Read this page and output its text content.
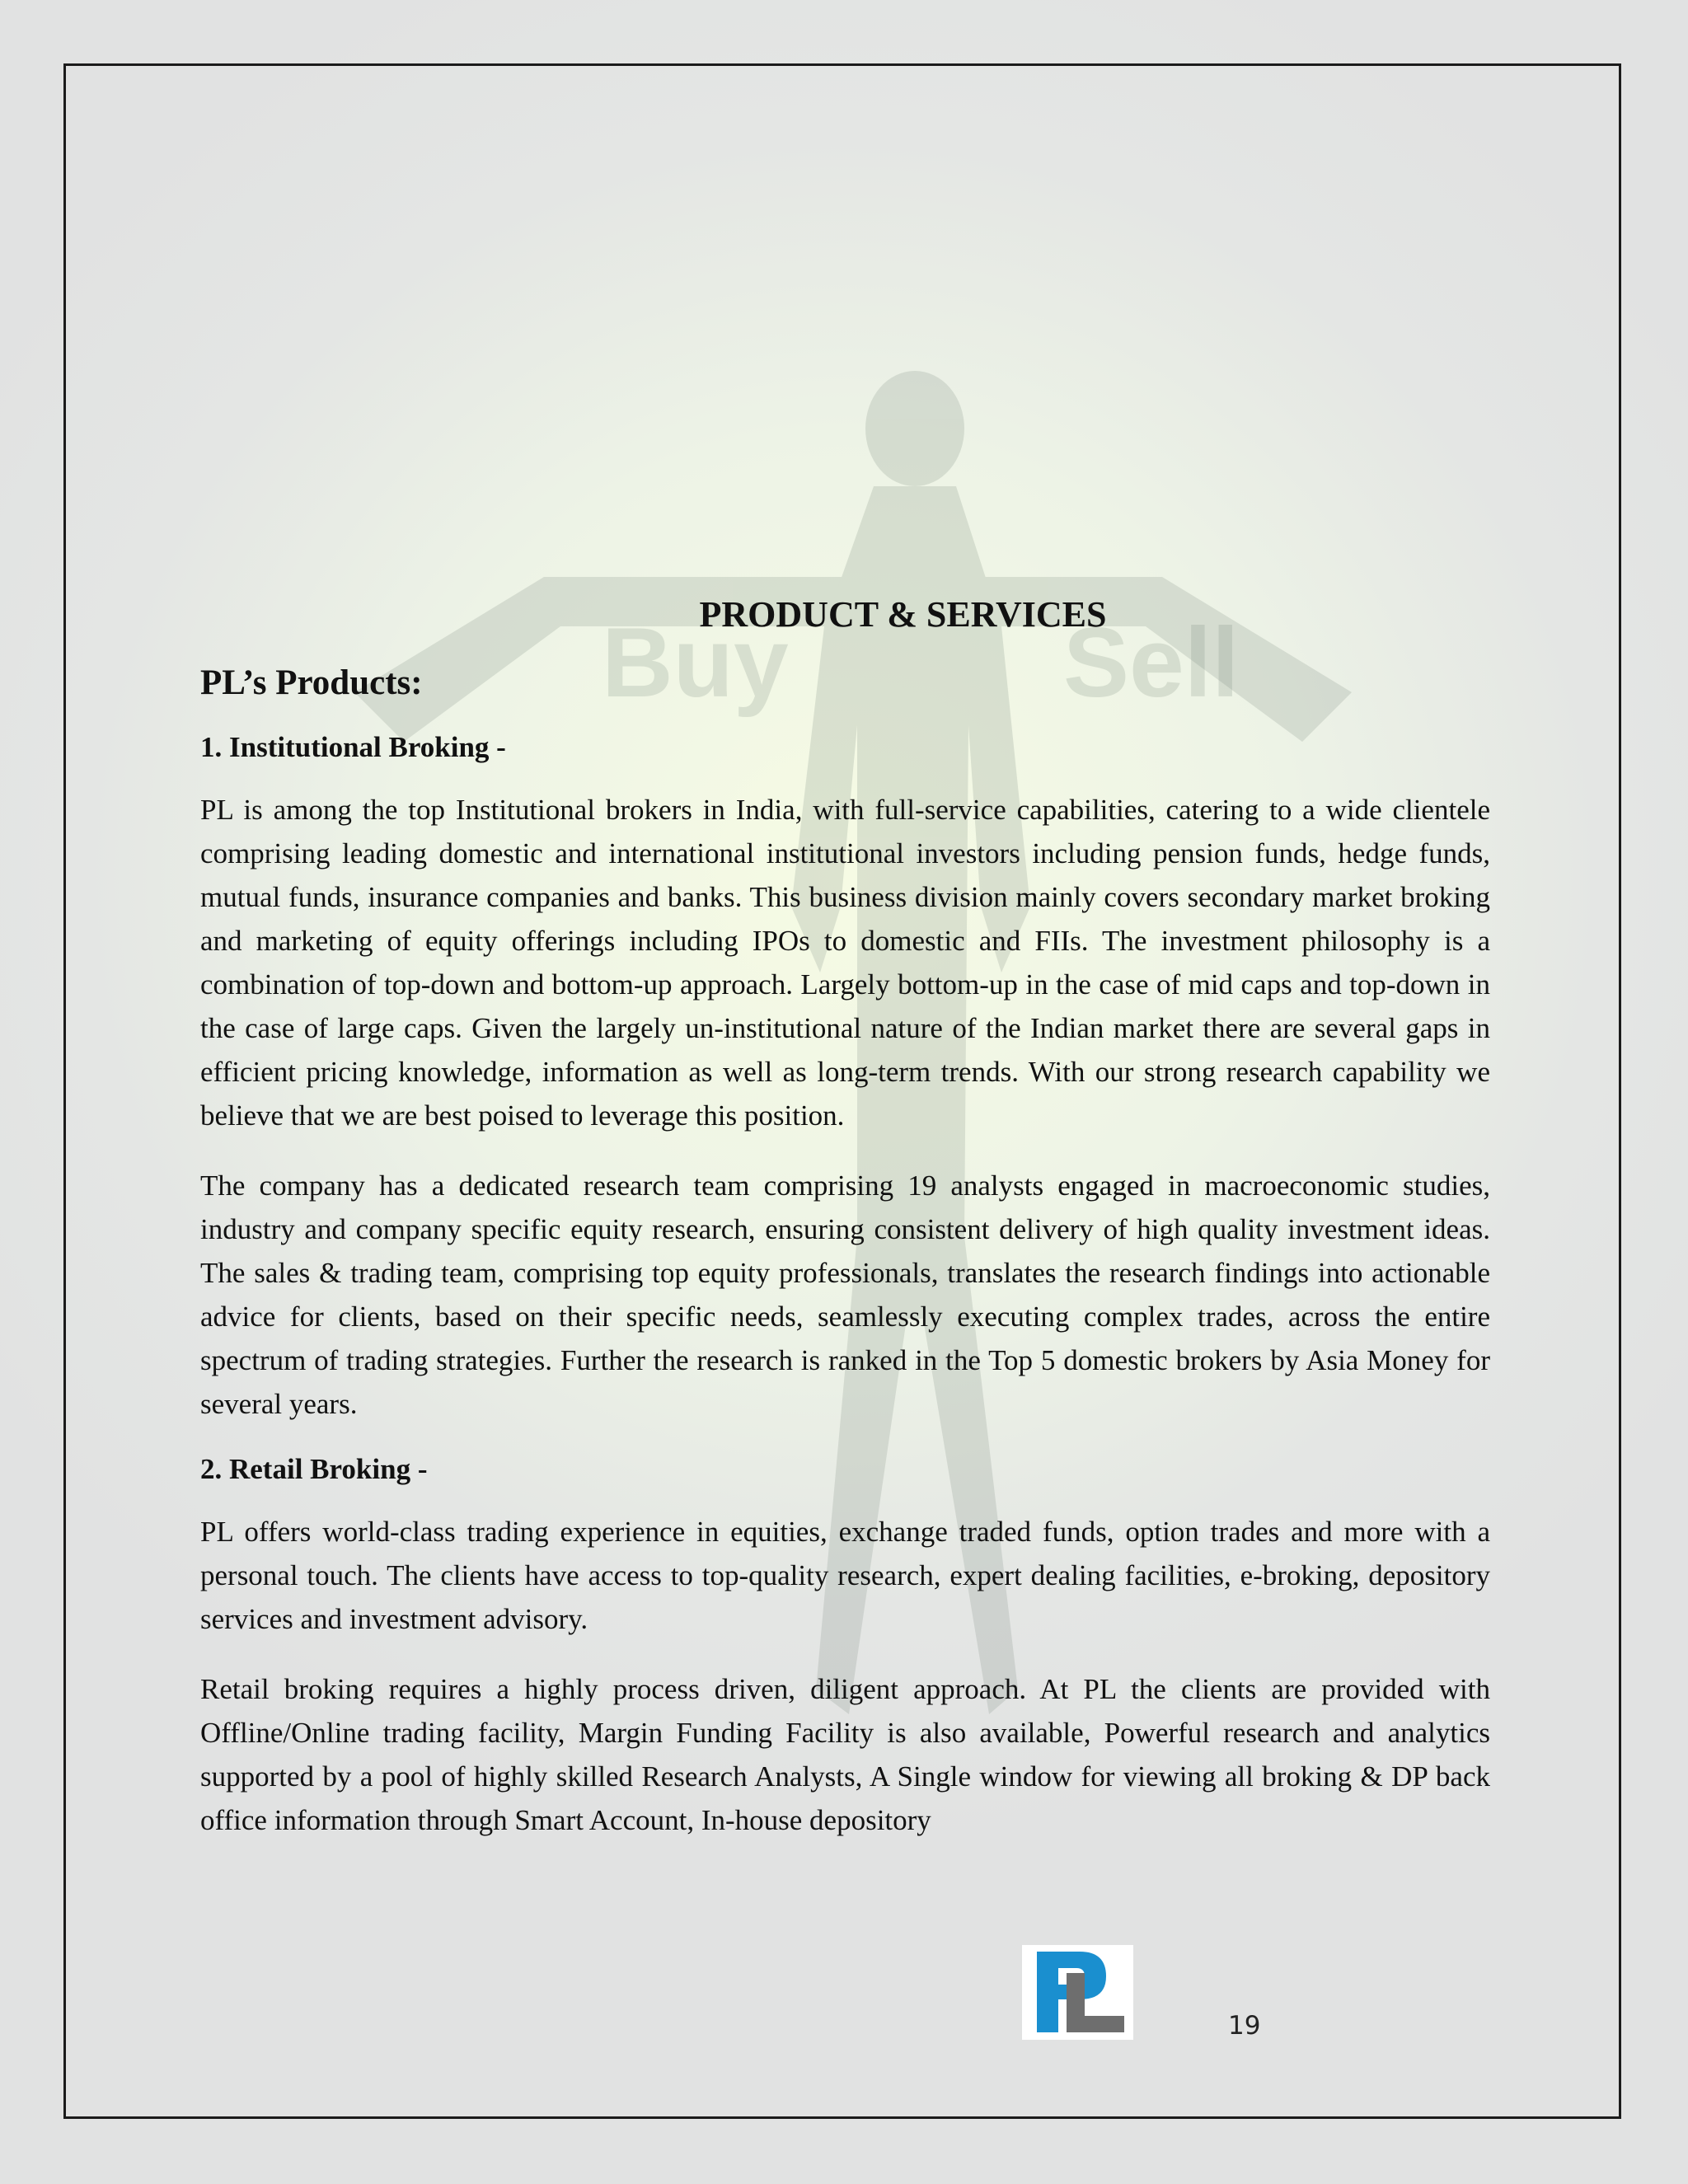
Buy	Sell
PRODUCT & SERVICES
PL’s Products:
1. Institutional Broking -

PL is among the top Institutional brokers in India, with full-service capabilities, catering to a wide clientele comprising leading domestic and international institutional investors including pension funds, hedge funds, mutual funds, insurance companies and banks. This business division mainly covers secondary market broking and marketing of equity offerings including IPOs to domestic and FIIs. The investment philosophy is a combination of top-down and bottom-up approach. Largely bottom-up in the case of mid caps and top-down in the case of large caps. Given the largely un-institutional nature of the Indian market there are several gaps in efficient pricing knowledge, information as well as long-term trends. With our strong research capability we believe that we are best poised to leverage this position.

The company has a dedicated research team comprising 19 analysts engaged in macroeconomic studies, industry and company specific equity research, ensuring consistent delivery of high quality investment ideas. The sales & trading team, comprising top equity professionals, translates the research findings into actionable advice for clients, based on their specific needs, seamlessly executing complex trades, across the entire spectrum of trading strategies. Further the research is ranked in the Top 5 domestic brokers by Asia Money for several years.

2. Retail Broking -

PL offers world-class trading experience in equities, exchange traded funds, option trades and more with a personal touch. The clients have access to top-quality research, expert dealing facilities, e-broking, depository services and investment advisory.

Retail broking requires a highly process driven, diligent approach. At PL the clients are provided with Offline/Online trading facility, Margin Funding Facility is also available, Powerful research and analytics supported by a pool of highly skilled Research Analysts, A Single window for viewing all broking & DP back office information through Smart Account, In-house depository

19
